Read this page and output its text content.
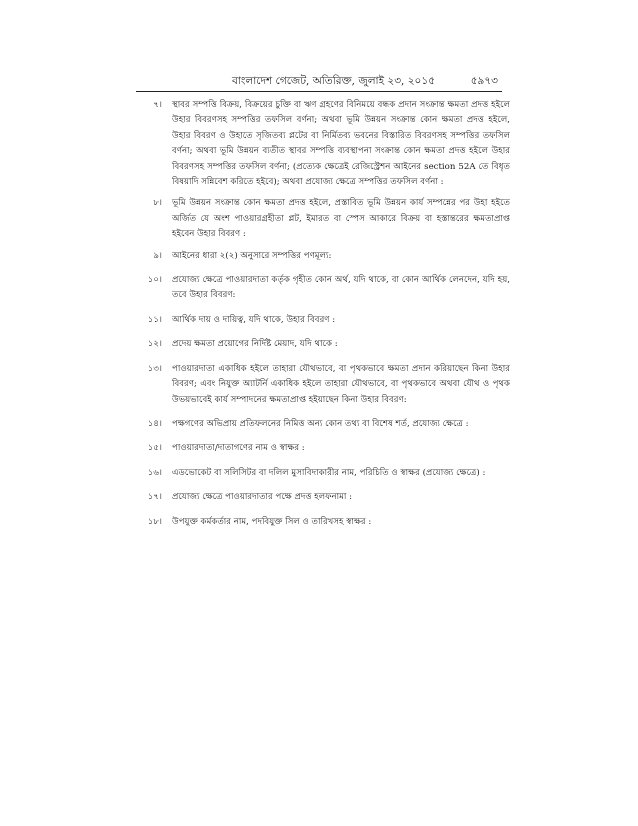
বাংলাদেশ গেজেট, অতিরিক্ত, জুলাই ২৩, ২০১৫	৫৯৭৩
৭। স্থাবর সম্পত্তি বিক্রয়, বিক্রয়ের চুক্তি বা ঋণ গ্রহণের বিনিময়ে বন্ধক প্রদান সংক্রান্ত ক্ষমতা প্রদত্ত হইলে উহার বিবরণসহ সম্পত্তির তফসিল বর্ণনা; অথবা ভূমি উন্নয়ন সংক্রান্ত কোন ক্ষমতা প্রদত্ত হইলে, উহার বিবরণ ও উহাতে সৃজিতব্য প্লটের বা নির্মিতব্য ভবনের বিস্তারিত বিবরণসহ সম্পত্তির তফসিল বর্ণনা; অথবা ভূমি উন্নয়ন ব্যতীত স্থাবর সম্পত্তি ব্যবস্থাপনা সংক্রান্ত কোন ক্ষমতা প্রদত্ত হইলে উহার বিবরণসহ সম্পত্তির তফসিল বর্ণনা; (প্রত্যেক ক্ষেত্রেই রেজিস্ট্রেশন আইনের section 52A তে বিধৃত বিষয়াদি সন্নিবেশ করিতে হইবে); অথবা প্রযোজ্য ক্ষেত্রে সম্পত্তির তফসিল বর্ণনা :
৮। ভূমি উন্নয়ন সংক্রান্ত কোন ক্ষমতা প্রদত্ত হইলে, প্রস্তাবিত ভূমি উন্নয়ন কার্য সম্পন্নের পর উহা হইতে অর্জিত যে অংশ পাওয়ারগ্রহীতা প্লট, ইমারত বা স্পেস আকারে বিক্রয় বা হস্তান্তরের ক্ষমতাপ্রাপ্ত হইবেন উহার বিবরণ :
৯। আইনের ধারা ২(২) অনুসারে সম্পত্তির পণমূল্য:
১০। প্রযোজ্য ক্ষেত্রে পাওয়ারদাতা কর্তৃক গৃহীত কোন অর্থ, যদি থাকে, বা কোন আর্থিক লেনদেন, যদি হয়, তবে উহার বিবরণ:
১১। আর্থিক দায় ও দায়িত্ব, যদি থাকে, উহার বিবরণ :
১২। প্রদেয় ক্ষমতা প্রয়োগের নির্দিষ্ট মেয়াদ, যদি থাকে :
১৩। পাওয়ারদাতা একাধিক হইলে তাহারা যৌথভাবে, বা পৃথকভাবে ক্ষমতা প্রদান করিয়াছেন কিনা উহার বিবরণ; এবং নিযুক্ত অ্যাটর্নি একাধিক হইলে তাহারা যৌথভাবে, বা পৃথকভাবে অথবা যৌথ ও পৃথক উভয়ভাবেই কার্য সম্পাদনের ক্ষমতাপ্রাপ্ত হইয়াছেন কিনা উহার বিবরণ:
১৪। পক্ষগণের অভিপ্রায় প্রতিফলনের নিমিত্ত অন্য কোন তথ্য বা বিশেষ শর্ত, প্রযোজ্য ক্ষেত্রে :
১৫। পাওয়ারদাতা/দাতাগণের নাম ও স্বাক্ষর :
১৬। এডভোকেট বা সলিসিটর বা দলিল মুসাবিদাকারীর নাম, পরিচিতি ও স্বাক্ষর (প্রযোজ্য ক্ষেত্রে) :
১৭। প্রযোজ্য ক্ষেত্রে পাওয়ারদাতার পক্ষে প্রদত্ত হলফনামা :
১৮। উপযুক্ত কর্মকর্তার নাম, পদবিযুক্ত সিল ও তারিখসহ স্বাক্ষর :
